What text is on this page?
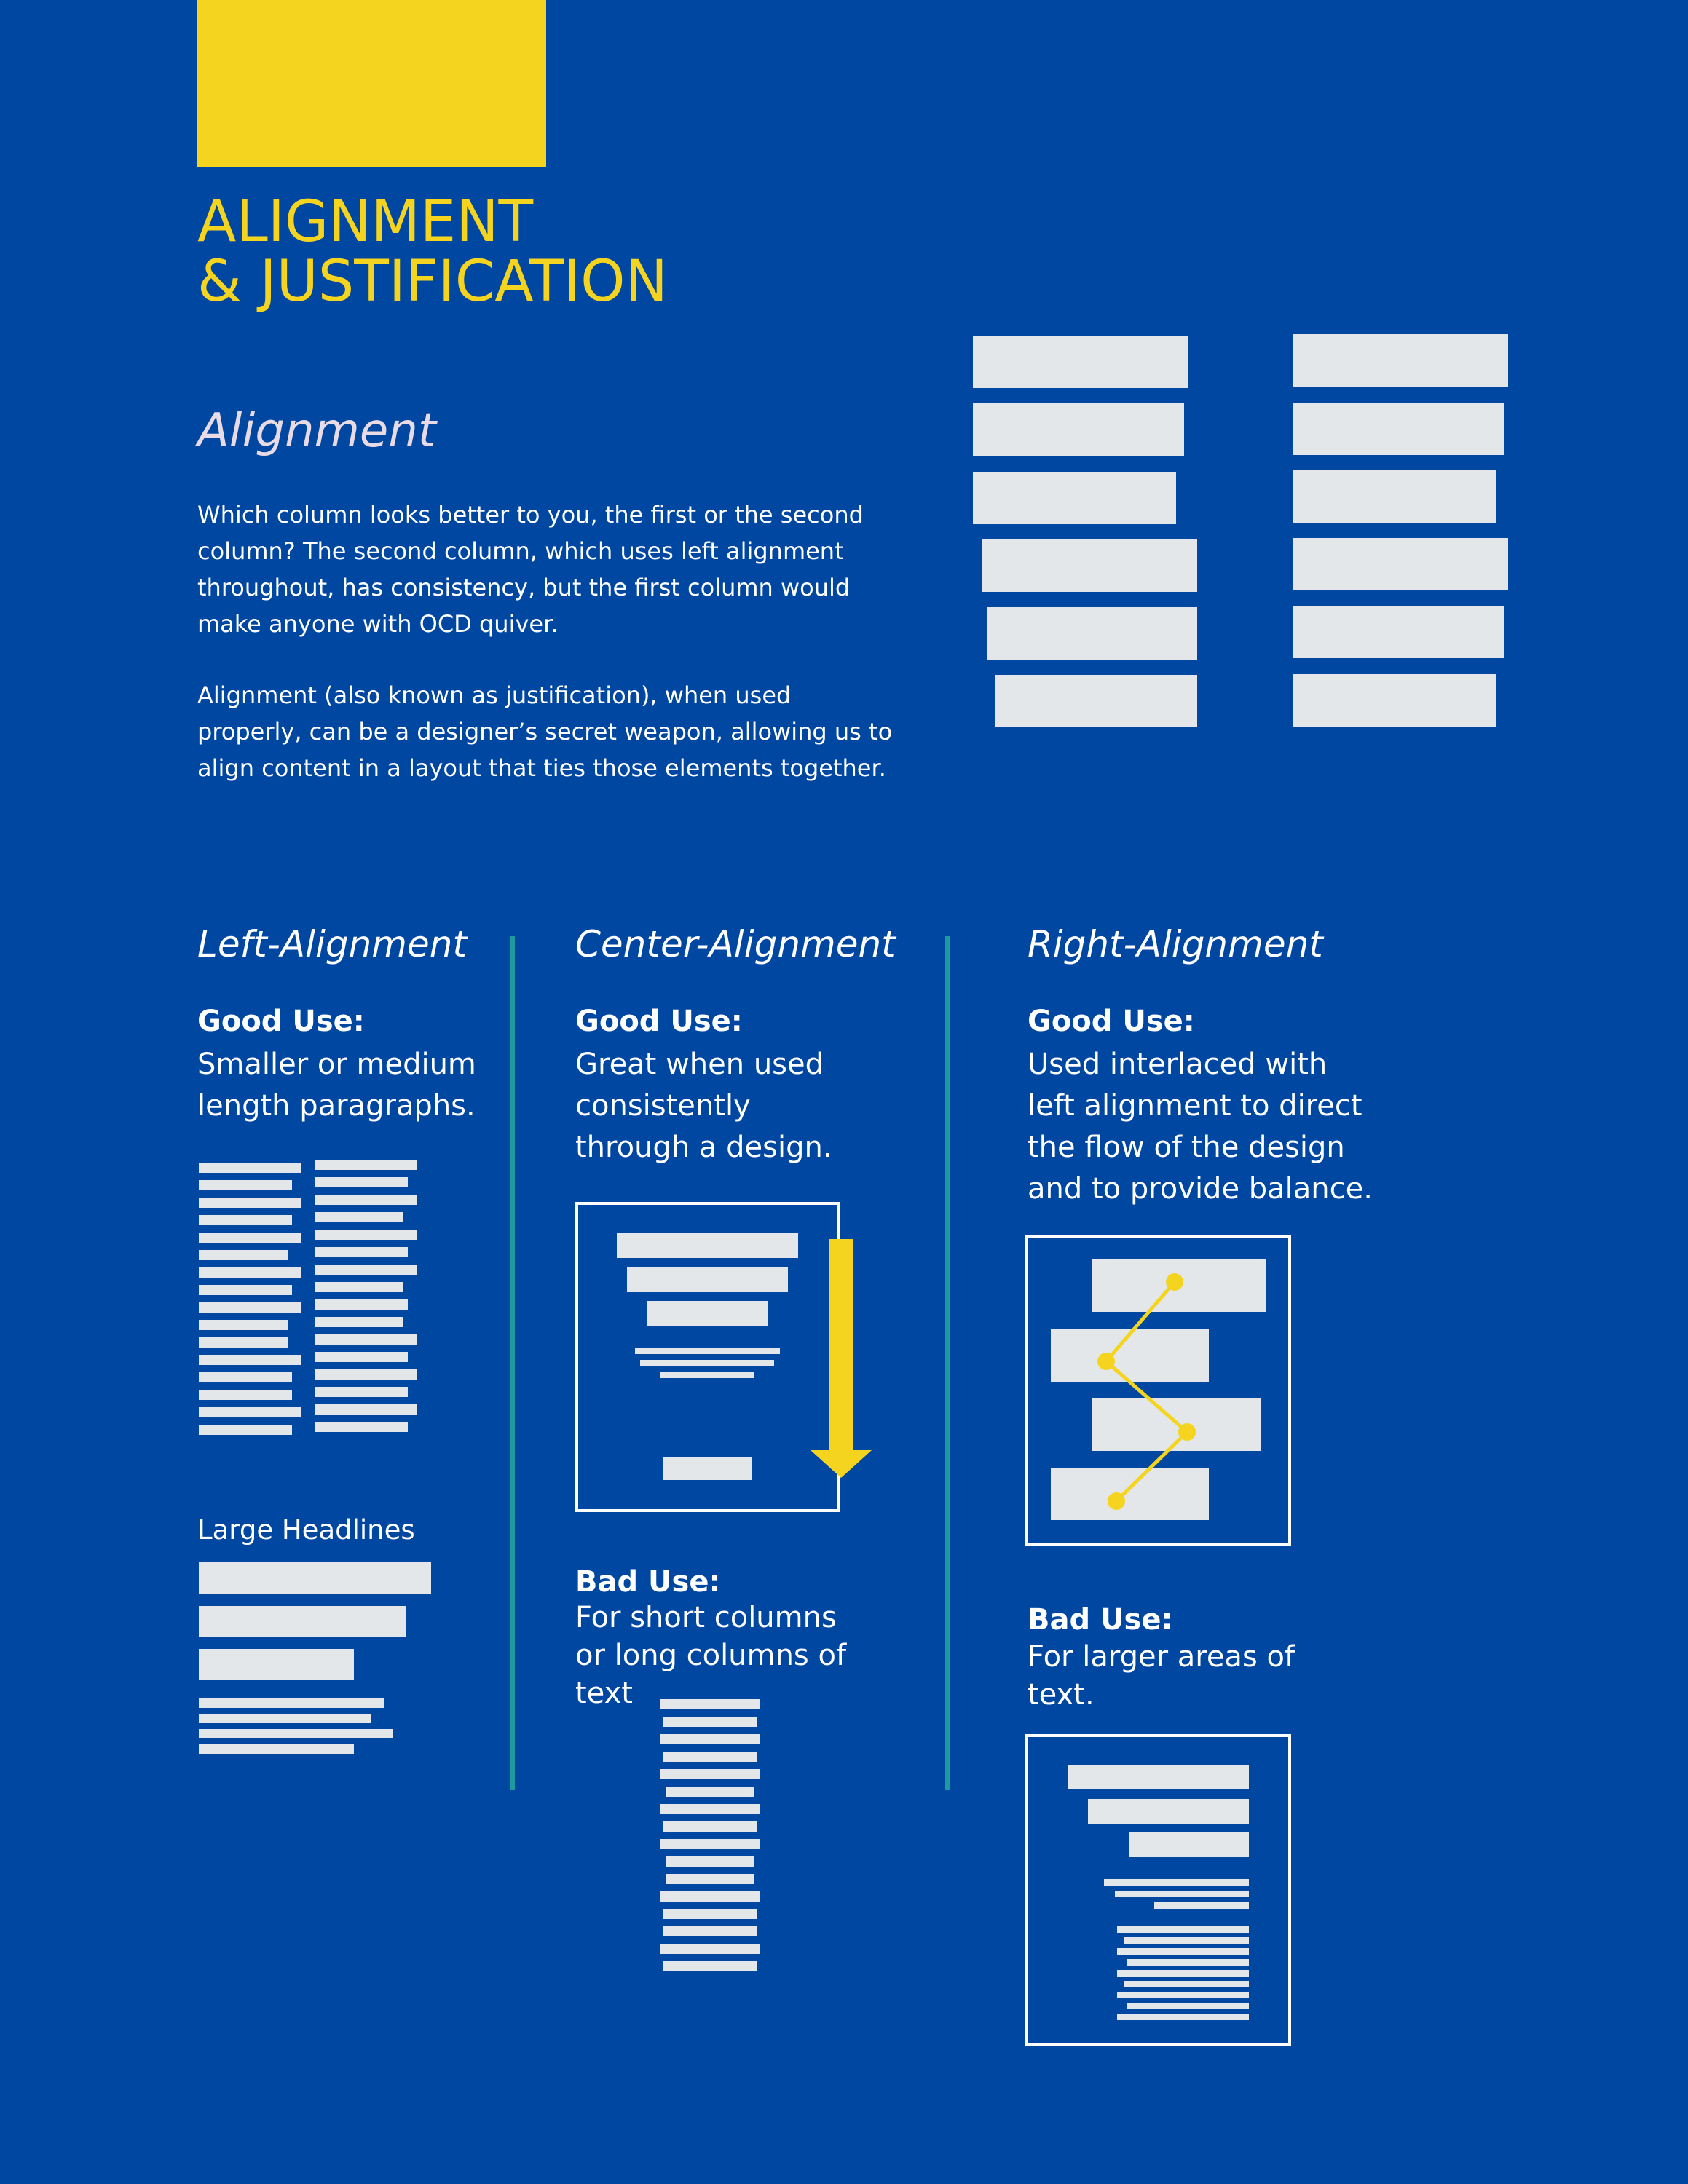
ALIGNMENT
& JUSTIFICATION
Alignment

Which column looks better to you, the first or the second column? The second column, which uses left alignment throughout, has consistency, but the first column would make anyone with OCD quiver.

Alignment (also known as justification), when used properly, can be a designer’s secret weapon, allowing us to align content in a layout that ties those elements together.

Left-Alignment

Good Use:

Smaller or medium length paragraphs.

Large Headlines

Center-Alignment

Good Use:

Great when used consistently through a design.

Bad Use:

For short columns or long columns of text

Right-Alignment

Good Use:

Used interlaced with left alignment to direct the flow of the design and to provide balance.

Bad Use:

For larger areas of text.
